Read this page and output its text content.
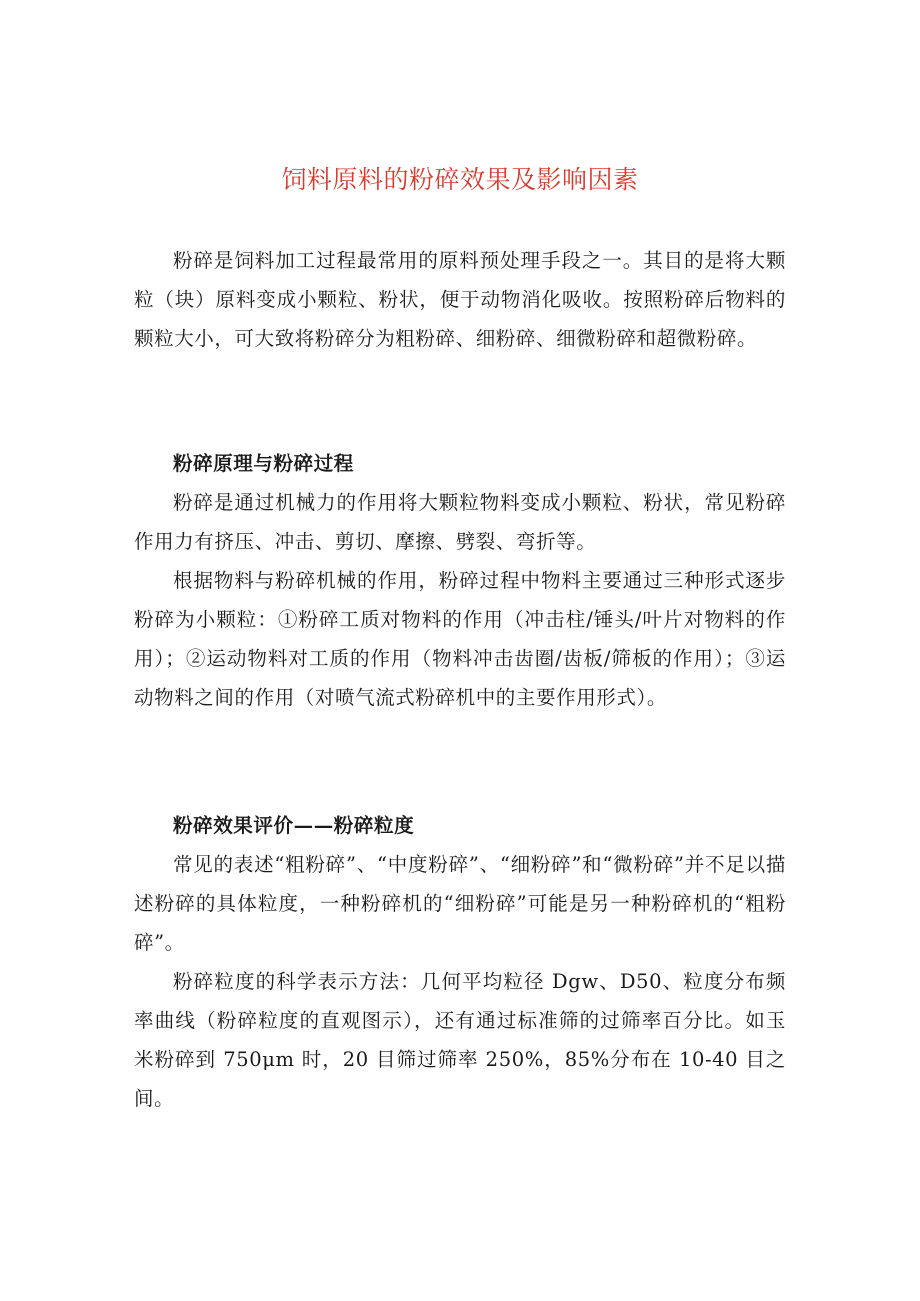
饲料原料的粉碎效果及影响因素

粉碎是饲料加工过程最常用的原料预处理手段之一。其目的是将大颗粒（块）原料变成小颗粒、粉状，便于动物消化吸收。按照粉碎后物料的颗粒大小，可大致将粉碎分为粗粉碎、细粉碎、细微粉碎和超微粉碎。

粉碎原理与粉碎过程

粉碎是通过机械力的作用将大颗粒物料变成小颗粒、粉状，常见粉碎作用力有挤压、冲击、剪切、摩擦、劈裂、弯折等。

根据物料与粉碎机械的作用，粉碎过程中物料主要通过三种形式逐步粉碎为小颗粒：①粉碎工质对物料的作用（冲击柱/锤头/叶片对物料的作用）；②运动物料对工质的作用（物料冲击齿圈/齿板/筛板的作用）；③运动物料之间的作用（对喷气流式粉碎机中的主要作用形式）。

粉碎效果评价——粉碎粒度

常见的表述“粗粉碎”、“中度粉碎”、“细粉碎”和“微粉碎”并不足以描述粉碎的具体粒度，一种粉碎机的“细粉碎”可能是另一种粉碎机的“粗粉碎”。

粉碎粒度的科学表示方法：几何平均粒径 Dgw、D50、粒度分布频率曲线（粉碎粒度的直观图示），还有通过标准筛的过筛率百分比。如玉米粉碎到 750μm 时，20 目筛过筛率 250%，85%分布在 10-40 目之间。
